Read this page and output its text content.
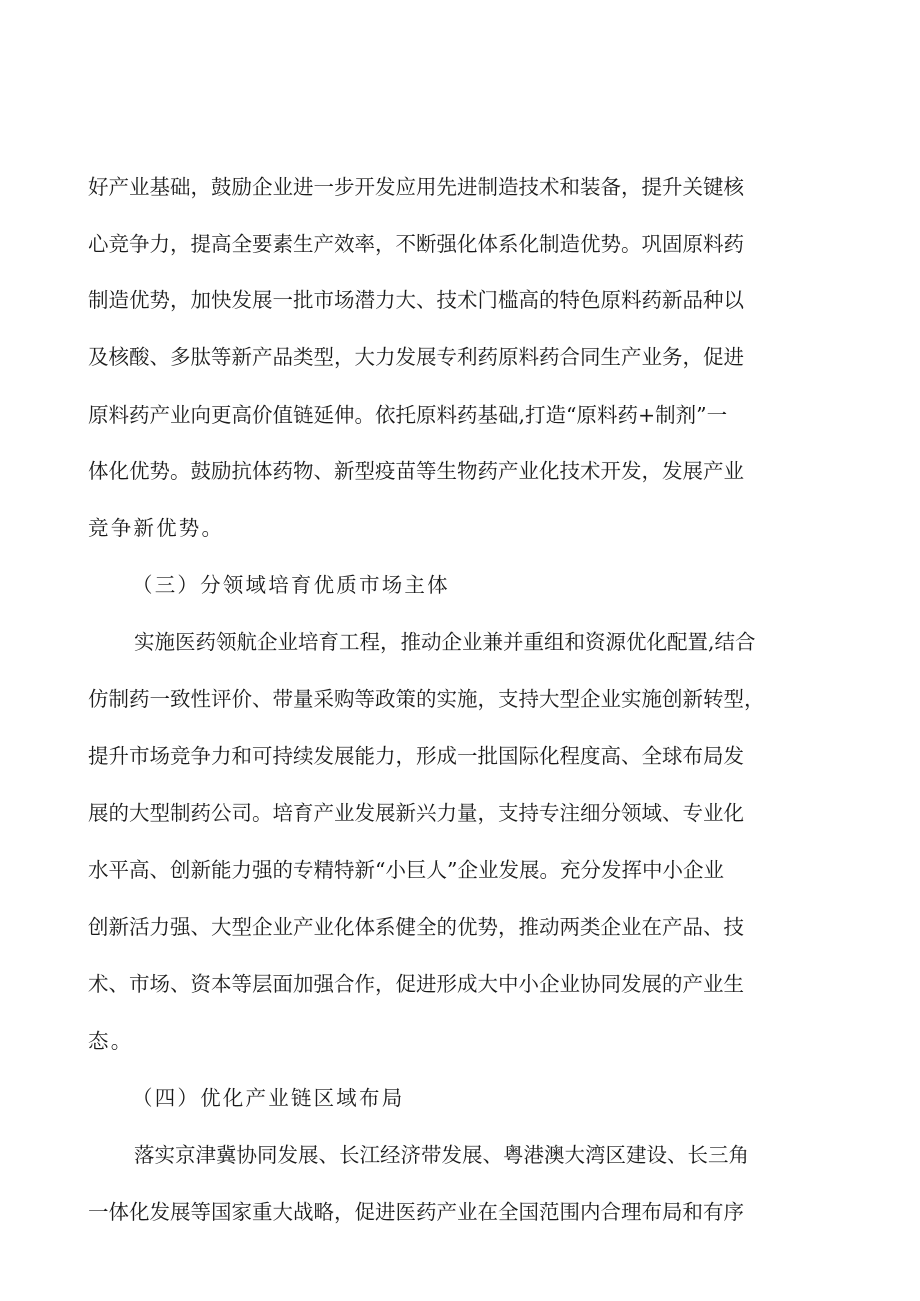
好产业基础，鼓励企业进一步开发应用先进制造技术和装备，提升关键核
心竞争力，提高全要素生产效率，不断强化体系化制造优势。巩固原料药
制造优势，加快发展一批市场潜力大、技术门槛高的特色原料药新品种以
及核酸、多肽等新产品类型，大力发展专利药原料药合同生产业务，促进
原料药产业向更高价值链延伸。依托原料药基础,打造“原料药+制剂”一
体化优势。鼓励抗体药物、新型疫苗等生物药产业化技术开发，发展产业
竞争新优势。
（三）分领域培育优质市场主体
实施医药领航企业培育工程，推动企业兼并重组和资源优化配置,结合
仿制药一致性评价、带量采购等政策的实施，支持大型企业实施创新转型，
提升市场竞争力和可持续发展能力，形成一批国际化程度高、全球布局发
展的大型制药公司。培育产业发展新兴力量，支持专注细分领域、专业化
水平高、创新能力强的专精特新“小巨人”企业发展。充分发挥中小企业
创新活力强、大型企业产业化体系健全的优势，推动两类企业在产品、技
术、市场、资本等层面加强合作，促进形成大中小企业协同发展的产业生
态。
（四）优化产业链区域布局
落实京津冀协同发展、长江经济带发展、粤港澳大湾区建设、长三角
一体化发展等国家重大战略，促进医药产业在全国范围内合理布局和有序
